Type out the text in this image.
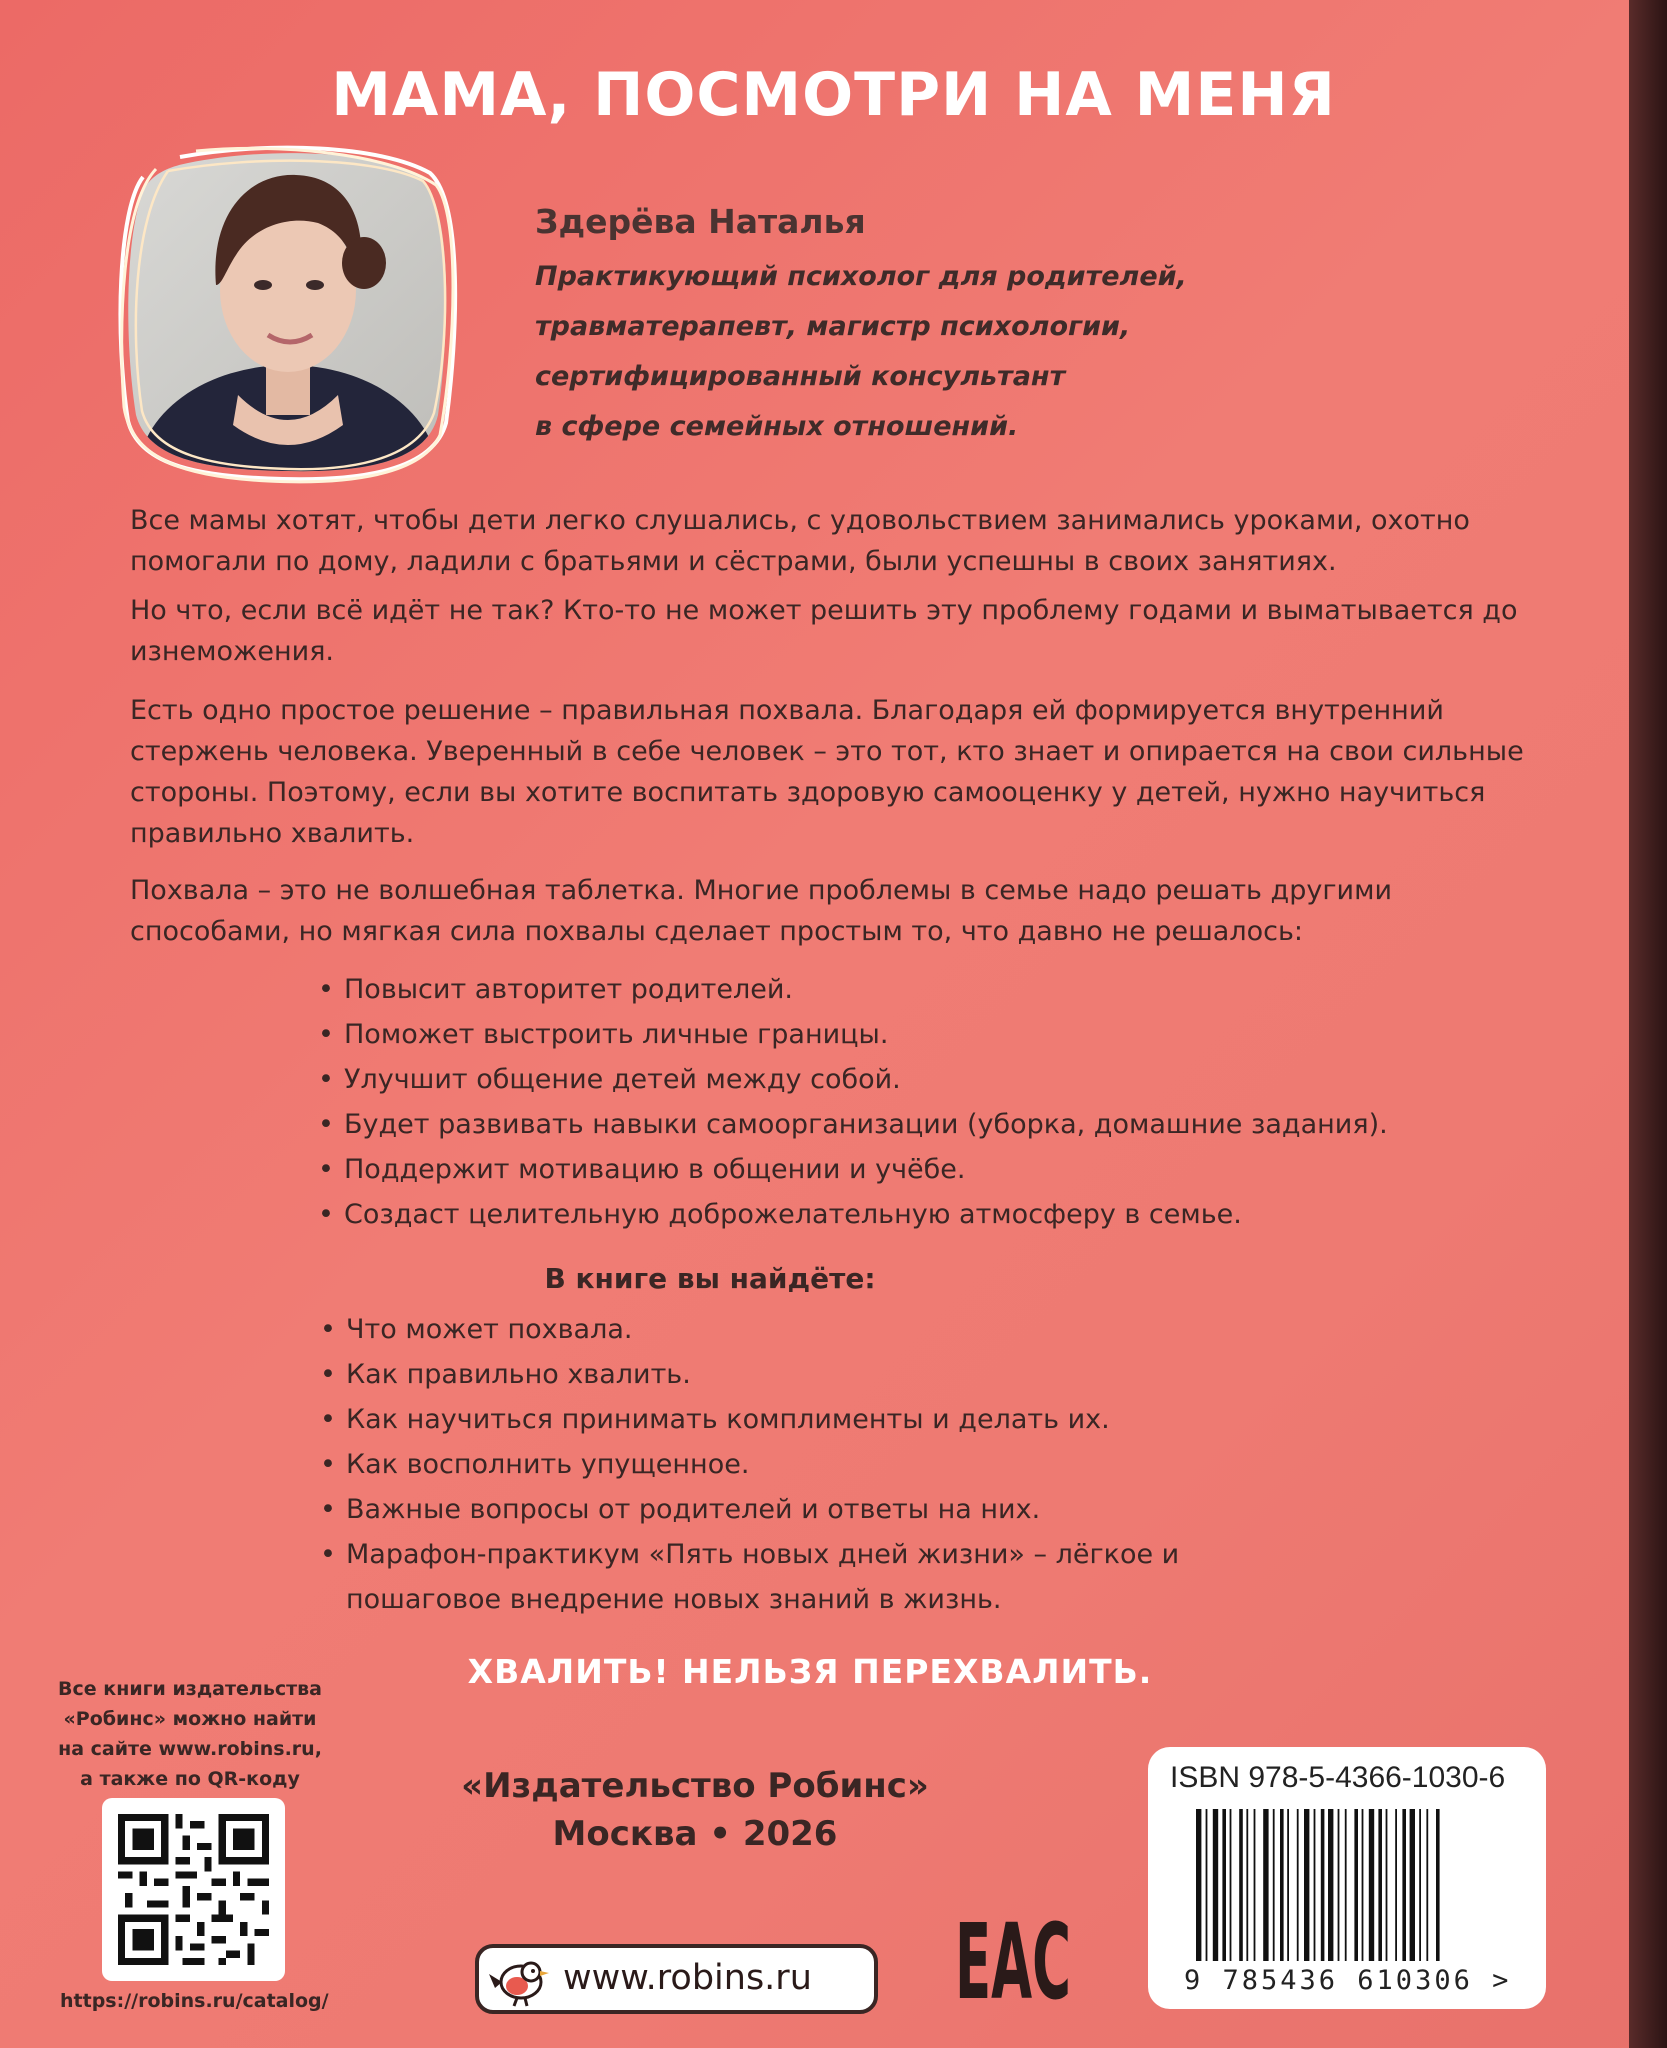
МАМА, ПОСМОТРИ НА МЕНЯ
Здерёва Наталья
Практикующий психолог для родителей,
травматерапевт, магистр психологии,
сертифицированный консультант
в сфере семейных отношений.

Все мамы хотят, чтобы дети легко слушались, с удовольствием занимались уроками, охотно помогали по дому, ладили с братьями и сёстрами, были успешны в своих занятиях.

Но что, если всё идёт не так? Кто-то не может решить эту проблему годами и выматывается до изнеможения.

Есть одно простое решение – правильная похвала. Благодаря ей формируется внутренний стержень человека. Уверенный в себе человек – это тот, кто знает и опирается на свои сильные стороны. Поэтому, если вы хотите воспитать здоровую самооценку у детей, нужно научиться правильно хвалить.

Похвала – это не волшебная таблетка. Многие проблемы в семье надо решать другими способами, но мягкая сила похвалы сделает простым то, что давно не решалось:

• Повысит авторитет родителей.
• Поможет выстроить личные границы.
• Улучшит общение детей между собой.
• Будет развивать навыки самоорганизации (уборка, домашние задания).
• Поддержит мотивацию в общении и учёбе.
• Создаст целительную доброжелательную атмосферу в семье.
В книге вы найдёте:
• Что может похвала.
• Как правильно хвалить.
• Как научиться принимать комплименты и делать их.
• Как восполнить упущенное.
• Важные вопросы от родителей и ответы на них.
• Марафон-практикум «Пять новых дней жизни» – лёгкое и пошаговое внедрение новых знаний в жизнь.
ХВАЛИТЬ! НЕЛЬЗЯ ПЕРЕХВАЛИТЬ.
Все книги издательства
«Робинс» можно найти
на сайте www.robins.ru,
а также по QR-коду
https://robins.ru/catalog/
«Издательство Робинс»
Москва • 2026
www.robins.ru ЕАС
ISBN 978-5-4366-1030-6
9 785436 610306 >
